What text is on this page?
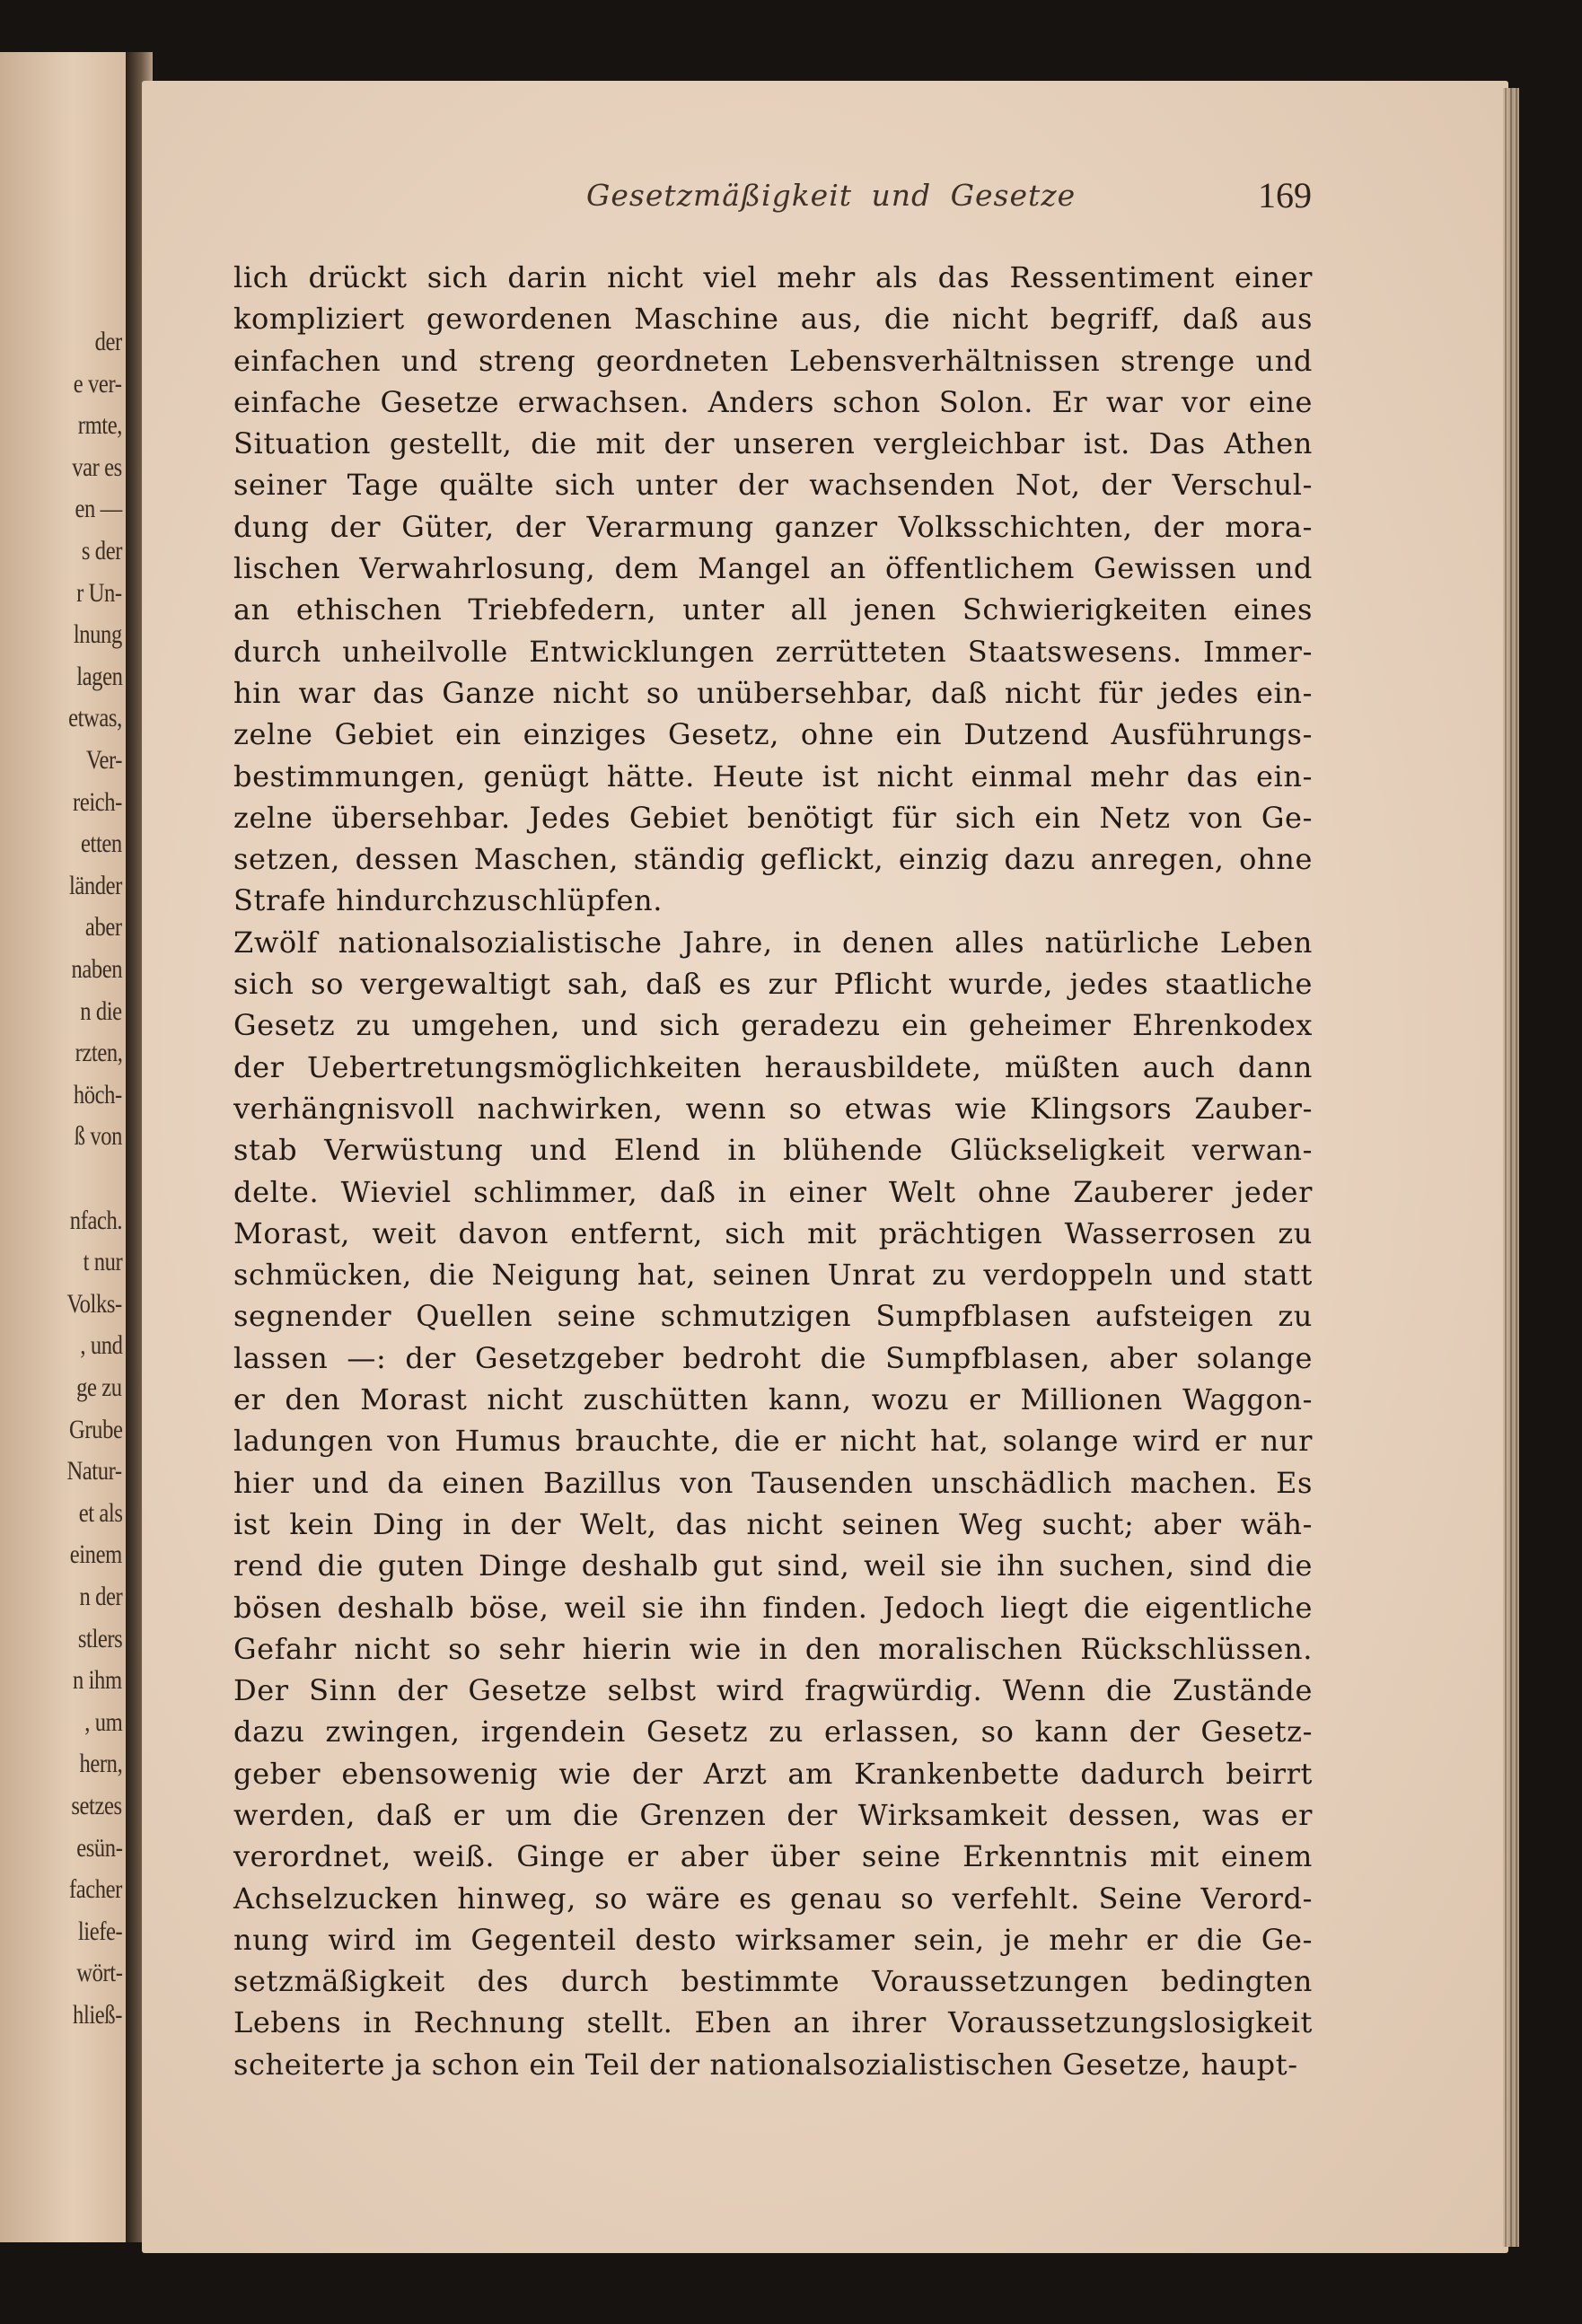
der
e ver-
rmte,
var es
en —
s der
r Un-
lnung
lagen
etwas,
Ver-
reich-
etten
länder
aber
naben
n die
rzten,
höch-
ß von
nfach.
t nur
Volks-
, und
ge zu
Grube
Natur-
et als
einem
n der
stlers
n ihm
, um
hern,
setzes
esün-
facher
liefe-
wört-
hließ-
Gesetzmäßigkeit und Gesetze	169
lich drückt sich darin nicht viel mehr als das Ressentiment einer
kompliziert gewordenen Maschine aus, die nicht begriff, daß aus
einfachen und streng geordneten Lebensverhältnissen strenge und
einfache Gesetze erwachsen. Anders schon Solon. Er war vor eine
Situation gestellt, die mit der unseren vergleichbar ist. Das Athen
seiner Tage quälte sich unter der wachsenden Not, der Verschul-
dung der Güter, der Verarmung ganzer Volksschichten, der mora-
lischen Verwahrlosung, dem Mangel an öffentlichem Gewissen und
an ethischen Triebfedern, unter all jenen Schwierigkeiten eines
durch unheilvolle Entwicklungen zerrütteten Staatswesens. Immer-
hin war das Ganze nicht so unübersehbar, daß nicht für jedes ein-
zelne Gebiet ein einziges Gesetz, ohne ein Dutzend Ausführungs-
bestimmungen, genügt hätte. Heute ist nicht einmal mehr das ein-
zelne übersehbar. Jedes Gebiet benötigt für sich ein Netz von Ge-
setzen, dessen Maschen, ständig geflickt, einzig dazu anregen, ohne
Strafe hindurchzuschlüpfen.
Zwölf nationalsozialistische Jahre, in denen alles natürliche Leben
sich so vergewaltigt sah, daß es zur Pflicht wurde, jedes staatliche
Gesetz zu umgehen, und sich geradezu ein geheimer Ehrenkodex
der Uebertretungsmöglichkeiten herausbildete, müßten auch dann
verhängnisvoll nachwirken, wenn so etwas wie Klingsors Zauber-
stab Verwüstung und Elend in blühende Glückseligkeit verwan-
delte. Wieviel schlimmer, daß in einer Welt ohne Zauberer jeder
Morast, weit davon entfernt, sich mit prächtigen Wasserrosen zu
schmücken, die Neigung hat, seinen Unrat zu verdoppeln und statt
segnender Quellen seine schmutzigen Sumpfblasen aufsteigen zu
lassen —: der Gesetzgeber bedroht die Sumpfblasen, aber solange
er den Morast nicht zuschütten kann, wozu er Millionen Waggon-
ladungen von Humus brauchte, die er nicht hat, solange wird er nur
hier und da einen Bazillus von Tausenden unschädlich machen. Es
ist kein Ding in der Welt, das nicht seinen Weg sucht; aber wäh-
rend die guten Dinge deshalb gut sind, weil sie ihn suchen, sind die
bösen deshalb böse, weil sie ihn finden. Jedoch liegt die eigentliche
Gefahr nicht so sehr hierin wie in den moralischen Rückschlüssen.
Der Sinn der Gesetze selbst wird fragwürdig. Wenn die Zustände
dazu zwingen, irgendein Gesetz zu erlassen, so kann der Gesetz-
geber ebensowenig wie der Arzt am Krankenbette dadurch beirrt
werden, daß er um die Grenzen der Wirksamkeit dessen, was er
verordnet, weiß. Ginge er aber über seine Erkenntnis mit einem
Achselzucken hinweg, so wäre es genau so verfehlt. Seine Verord-
nung wird im Gegenteil desto wirksamer sein, je mehr er die Ge-
setzmäßigkeit des durch bestimmte Voraussetzungen bedingten
Lebens in Rechnung stellt. Eben an ihrer Voraussetzungslosigkeit
scheiterte ja schon ein Teil der nationalsozialistischen Gesetze, haupt-
